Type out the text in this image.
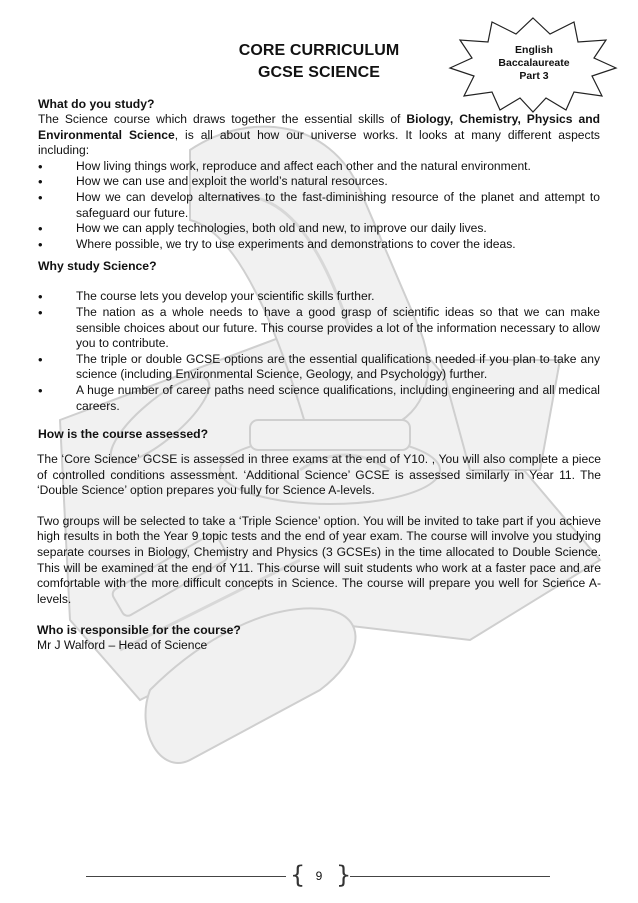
CORE CURRICULUM
GCSE SCIENCE
English
Baccalaureate
Part 3
What do you study?

The Science course which draws together the essential skills of Biology, Chemistry, Physics and Environmental Science, is all about how our universe works. It looks at many different aspects including:

• How living things work, reproduce and affect each other and the natural environment.
• How we can use and exploit the world’s natural resources.
• How we can develop alternatives to the fast-diminishing resource of the planet and attempt to safeguard our future.
• How we can apply technologies, both old and new, to improve our daily lives.
• Where possible, we try to use experiments and demonstrations to cover the ideas.
Why study Science?
• The course lets you develop your scientific skills further.
• The nation as a whole needs to have a good grasp of scientific ideas so that we can make sensible choices about our future. This course provides a lot of the information necessary to allow you to contribute.
• The triple or double GCSE options are the essential qualifications needed if you plan to take any science (including Environmental Science, Geology, and Psychology) further.
• A huge number of career paths need science qualifications, including engineering and all medical careers.
How is the course assessed?

The ‘Core Science’ GCSE is assessed in three exams at the end of Y10. , You will also complete a piece of controlled conditions assessment. ‘Additional Science’ GCSE is assessed similarly in Year 11. The ‘Double Science’ option prepares you fully for Science A-levels.

Two groups will be selected to take a ‘Triple Science’ option. You will be invited to take part if you achieve high results in both the Year 9 topic tests and the end of year exam. The course will involve you studying separate courses in Biology, Chemistry and Physics (3 GCSEs) in the time allocated to Double Science. This will be examined at the end of Y11. This course will suit students who work at a faster pace and are comfortable with the more difficult concepts in Science. The course will prepare you well for Science A-levels.

Who is responsible for the course?

Mr J Walford – Head of Science

{ }
9
